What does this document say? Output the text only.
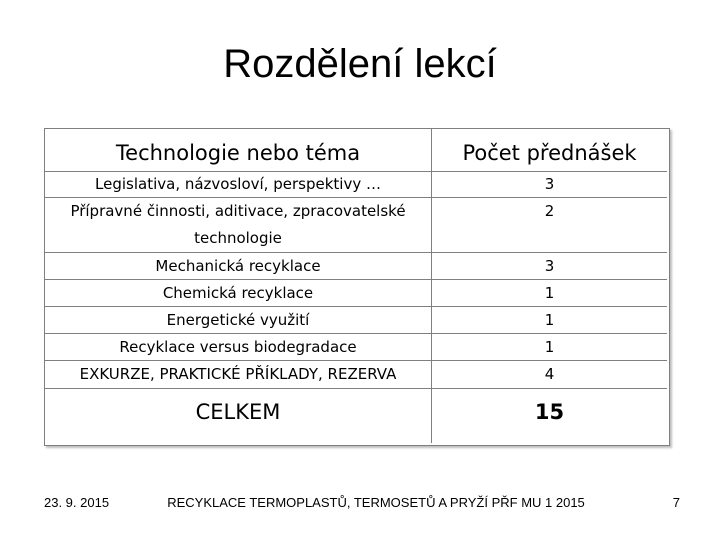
Rozdělení lekcí
Technologie nebo téma	Počet přednášek
Legislativa, názvosloví, perspektivy …	3
Přípravné činnosti, aditivace, zpracovatelské	2
technologie
Mechanická recyklace	3
Chemická recyklace	1
Energetické využití	1
Recyklace versus biodegradace	1
EXKURZE, PRAKTICKÉ PŘÍKLADY, REZERVA	4
CELKEM	15
23. 9. 2015	RECYKLACE TERMOPLASTŮ, TERMOSETŮ A PRYŽÍ PŘF MU 1 2015	7
